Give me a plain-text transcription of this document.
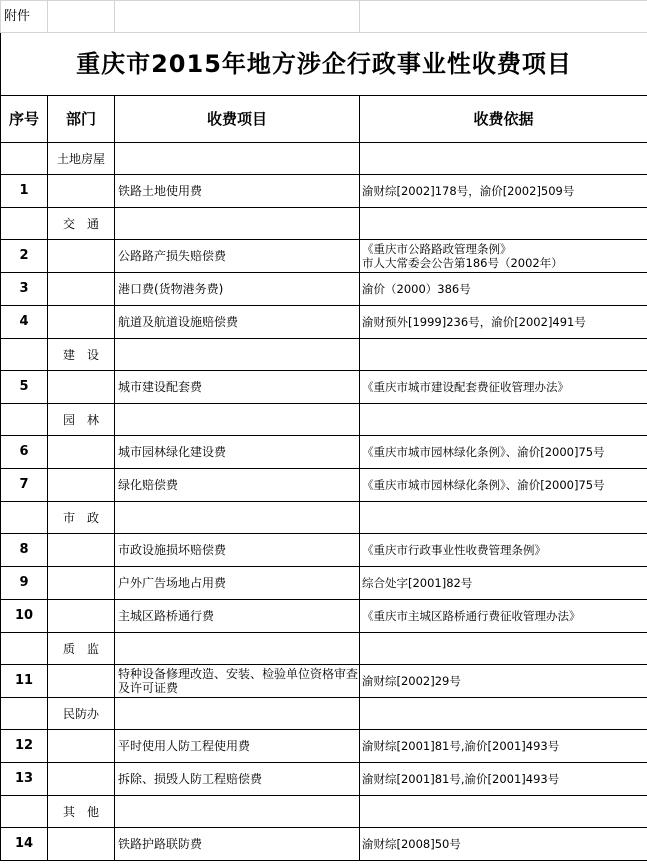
附件			
重庆市2015年地方涉企行政事业性收费项目			
序号	部门	收费项目	收费依据
	土地房屋		
1		铁路土地使用费	渝财综[2002]178号，渝价[2002]509号
	交　通		
2		公路路产损失赔偿费	《重庆市公路路政管理条例》
市人大常委会公告第186号（2002年）

3		港口费(货物港务费)	渝价（2000）386号
4		航道及航道设施赔偿费	渝财预外[1999]236号，渝价[2002]491号
	建　设		
5		城市建设配套费	《重庆市城市建设配套费征收管理办法》
	园　林		
6		城市园林绿化建设费	《重庆市城市园林绿化条例》、渝价[2000]75号
7		绿化赔偿费	《重庆市城市园林绿化条例》、渝价[2000]75号
	市　政		
8		市政设施损坏赔偿费	《重庆市行政事业性收费管理条例》
9		户外广告场地占用费	综合处字[2001]82号
10		主城区路桥通行费	《重庆市主城区路桥通行费征收管理办法》
	质　监		
11		特种设备修理改造、安装、检验单位资格审查及许可证费	渝财综[2002]29号
	民防办		
12		平时使用人防工程使用费	渝财综[2001]81号,渝价[2001]493号
13		拆除、损毁人防工程赔偿费	渝财综[2001]81号,渝价[2001]493号
	其　他		
14		铁路护路联防费	渝财综[2008]50号
